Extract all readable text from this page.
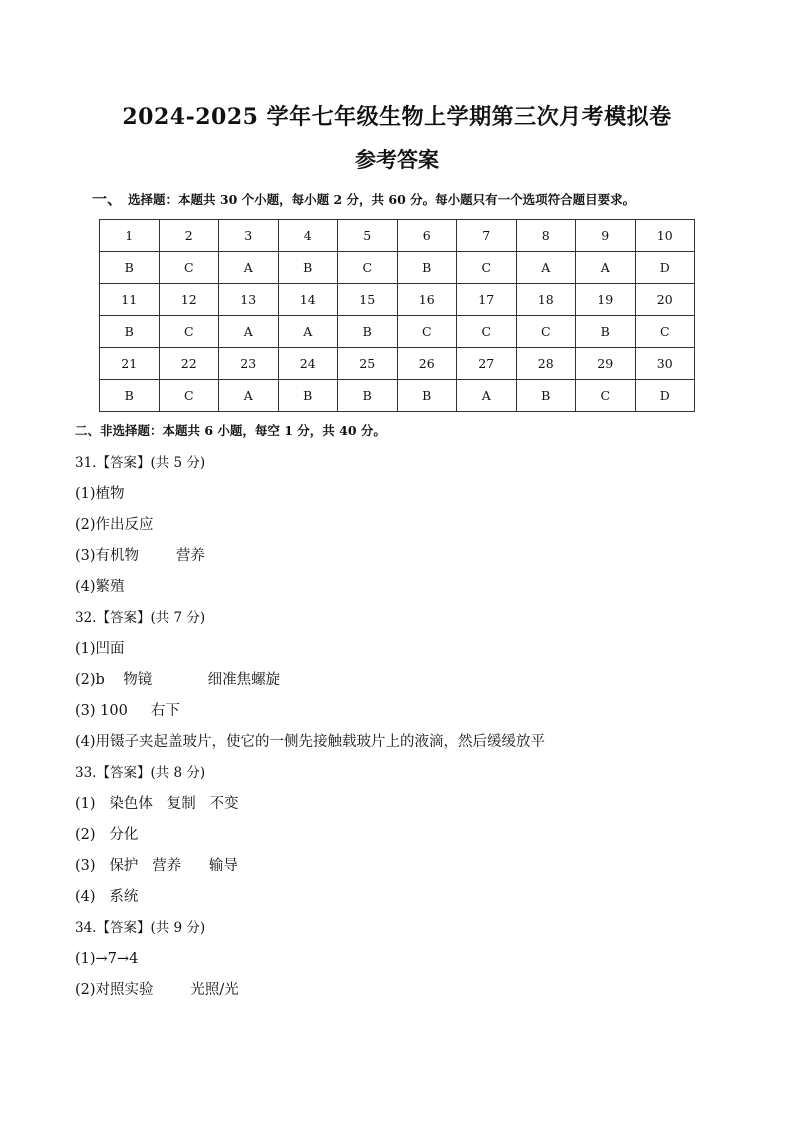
2024-2025 学年七年级生物上学期第三次月考模拟卷
参考答案
一、 选择题：本题共 30 个小题，每小题 2 分，共 60 分。每小题只有一个选项符合题目要求。
1	2	3	4	5	6	7	8	9	10
B	C	A	B	C	B	C	A	A	D
11	12	13	14	15	16	17	18	19	20
B	C	A	A	B	C	C	C	B	C
21	22	23	24	25	26	27	28	29	30
B	C	A	B	B	B	A	B	C	D
二、非选择题：本题共 6 小题，每空 1 分，共 40 分。
31.【答案】(共 5 分)
(1)植物
(2)作出反应
(3)有机物        营养
(4)繁殖
32.【答案】(共 7 分)
(1)凹面
(2)b    物镜            细准焦螺旋
(3) 100     右下
(4)用镊子夹起盖玻片，使它的一侧先接触载玻片上的液滴，然后缓缓放平
33.【答案】(共 8 分)
(1)   染色体   复制   不变
(2)   分化
(3)   保护   营养      输导
(4)   系统
34.【答案】(共 9 分)
(1)→7→4
(2)对照实验        光照/光
